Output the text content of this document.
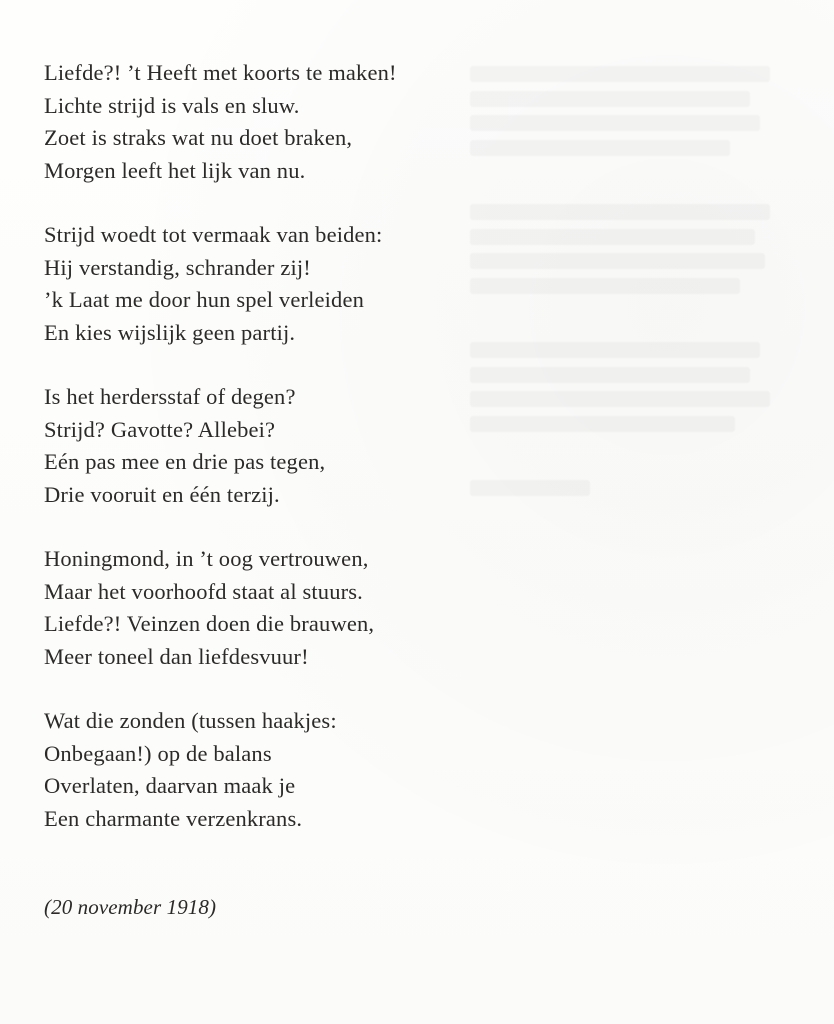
Liefde?! ’t Heeft met koorts te maken!
Lichte strijd is vals en sluw.
Zoet is straks wat nu doet braken,
Morgen leeft het lijk van nu.
Strijd woedt tot vermaak van beiden:
Hij verstandig, schrander zij!
’k Laat me door hun spel verleiden
En kies wijslijk geen partij.
Is het herdersstaf of degen?
Strijd? Gavotte? Allebei?
Eén pas mee en drie pas tegen,
Drie vooruit en één terzij.
Honingmond, in ’t oog vertrouwen,
Maar het voorhoofd staat al stuurs.
Liefde?! Veinzen doen die brauwen,
Meer toneel dan liefdesvuur!
Wat die zonden (tussen haakjes:
Onbegaan!) op de balans
Overlaten, daarvan maak je
Een charmante verzenkrans.
(20 november 1918)
